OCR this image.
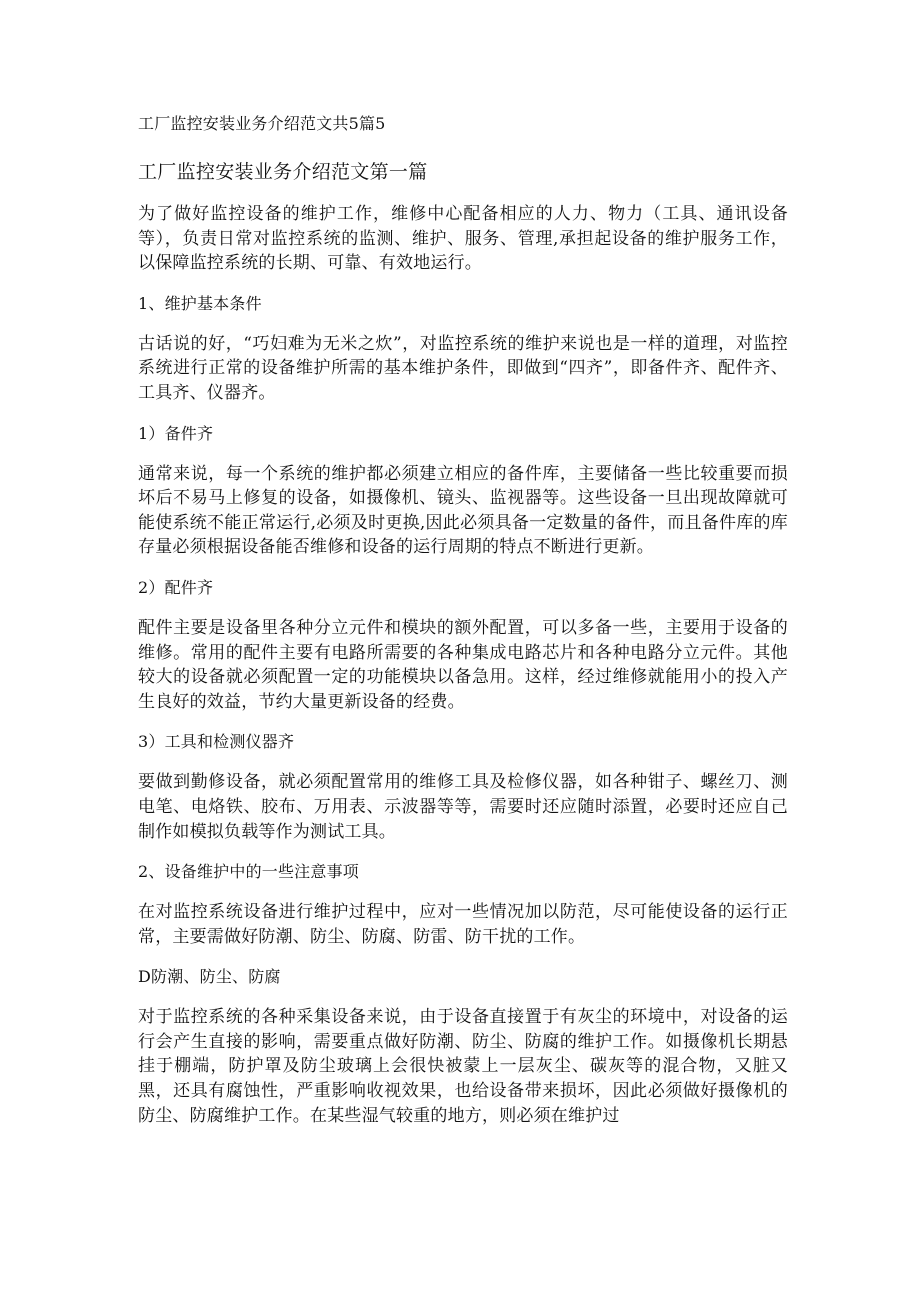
工厂监控安装业务介绍范文共5篇5
工厂监控安装业务介绍范文第一篇

为了做好监控设备的维护工作，维修中心配备相应的人力、物力（工具、通讯设备等），负责日常对监控系统的监测、维护、服务、管理,承担起设备的维护服务工作，以保障监控系统的长期、可靠、有效地运行。

1、维护基本条件

古话说的好，“巧妇难为无米之炊”，对监控系统的维护来说也是一样的道理，对监控系统进行正常的设备维护所需的基本维护条件，即做到“四齐”，即备件齐、配件齐、工具齐、仪器齐。

1）备件齐

通常来说，每一个系统的维护都必须建立相应的备件库，主要储备一些比较重要而损坏后不易马上修复的设备，如摄像机、镜头、监视器等。这些设备一旦出现故障就可能使系统不能正常运行,必须及时更换,因此必须具备一定数量的备件，而且备件库的库存量必须根据设备能否维修和设备的运行周期的特点不断进行更新。

2）配件齐

配件主要是设备里各种分立元件和模块的额外配置，可以多备一些，主要用于设备的维修。常用的配件主要有电路所需要的各种集成电路芯片和各种电路分立元件。其他较大的设备就必须配置一定的功能模块以备急用。这样，经过维修就能用小的投入产生良好的效益，节约大量更新设备的经费。

3）工具和检测仪器齐

要做到勤修设备，就必须配置常用的维修工具及检修仪器，如各种钳子、螺丝刀、测电笔、电烙铁、胶布、万用表、示波器等等，需要时还应随时添置，必要时还应自己制作如模拟负载等作为测试工具。

2、设备维护中的一些注意事项

在对监控系统设备进行维护过程中，应对一些情况加以防范，尽可能使设备的运行正常，主要需做好防潮、防尘、防腐、防雷、防干扰的工作。

D防潮、防尘、防腐

对于监控系统的各种采集设备来说，由于设备直接置于有灰尘的环境中，对设备的运行会产生直接的影响，需要重点做好防潮、防尘、防腐的维护工作。如摄像机长期悬挂于棚端，防护罩及防尘玻璃上会很快被蒙上一层灰尘、碳灰等的混合物，又脏又黑，还具有腐蚀性，严重影响收视效果，也给设备带来损坏，因此必须做好摄像机的防尘、防腐维护工作。在某些湿气较重的地方，则必须在维护过
